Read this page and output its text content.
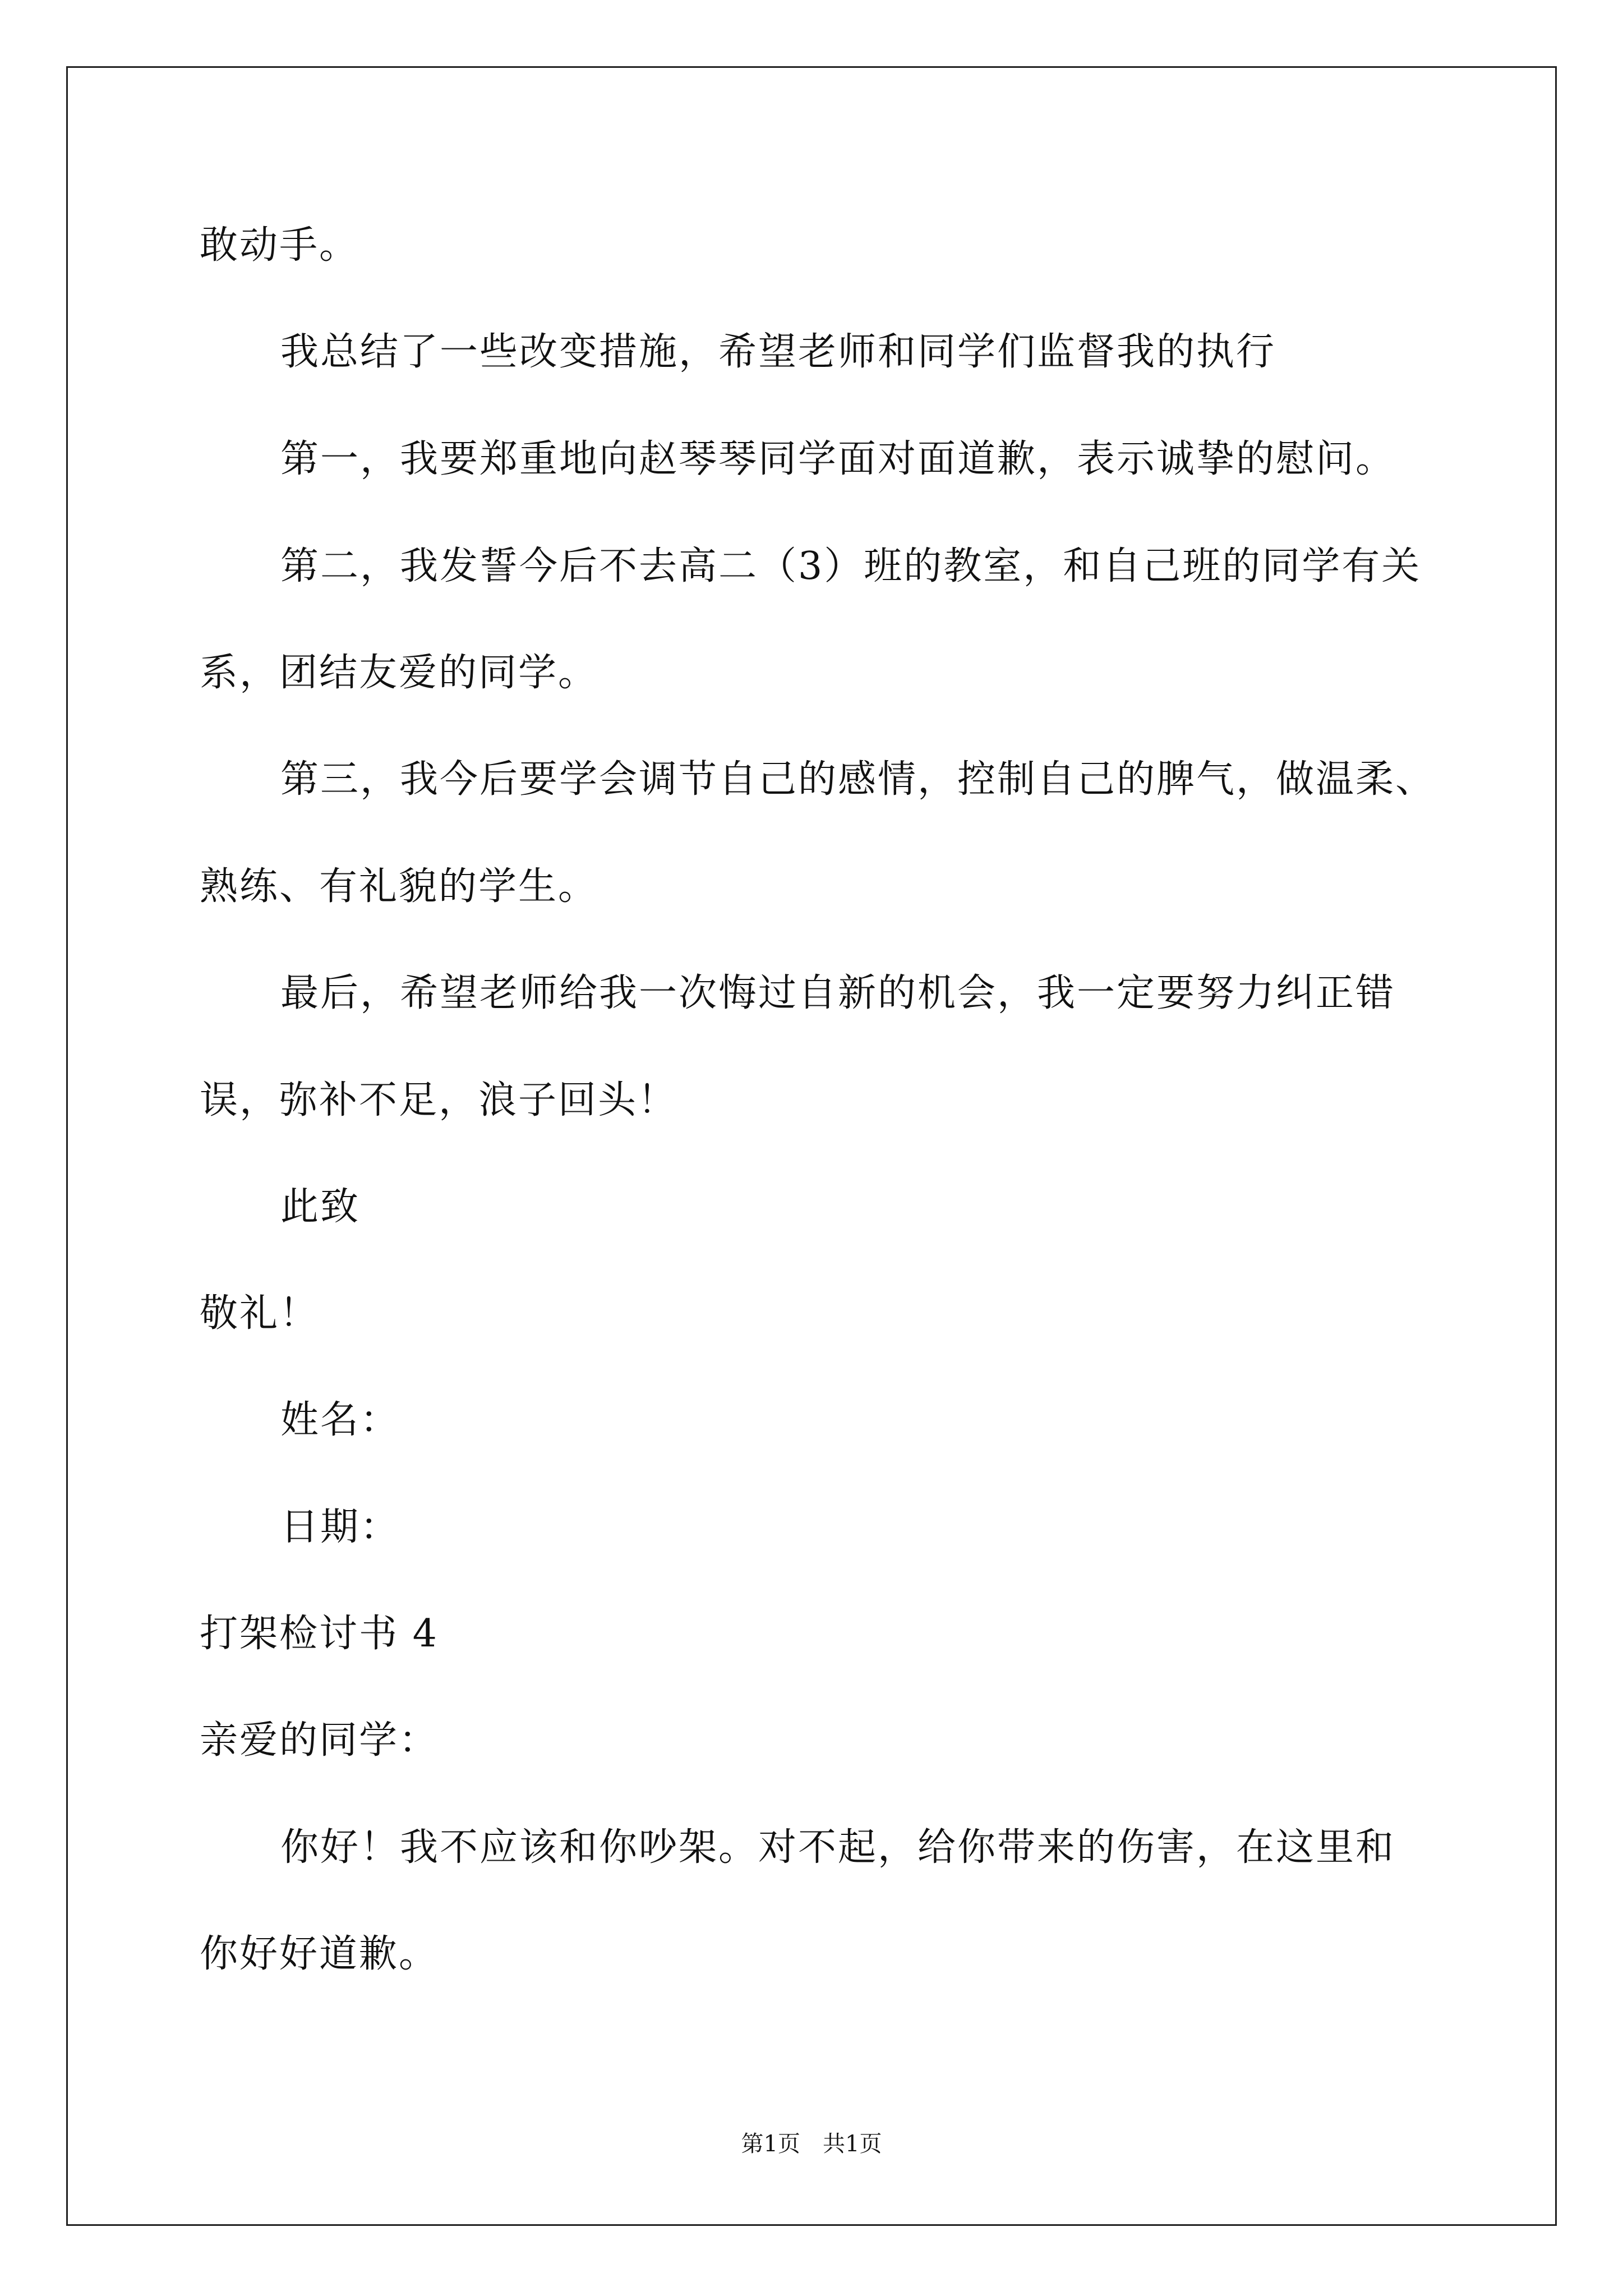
敢动手。
我总结了一些改变措施，希望老师和同学们监督我的执行
第一，我要郑重地向赵琴琴同学面对面道歉，表示诚挚的慰问。
第二，我发誓今后不去高二（3）班的教室，和自己班的同学有关
系，团结友爱的同学。
第三，我今后要学会调节自己的感情，控制自己的脾气，做温柔、
熟练、有礼貌的学生。
最后，希望老师给我一次悔过自新的机会，我一定要努力纠正错
误，弥补不足，浪子回头！
此致
敬礼！
姓名：
日期：
打架检讨书 4
亲爱的同学：
你好！我不应该和你吵架。对不起，给你带来的伤害，在这里和
你好好道歉。
第1页　共1页
